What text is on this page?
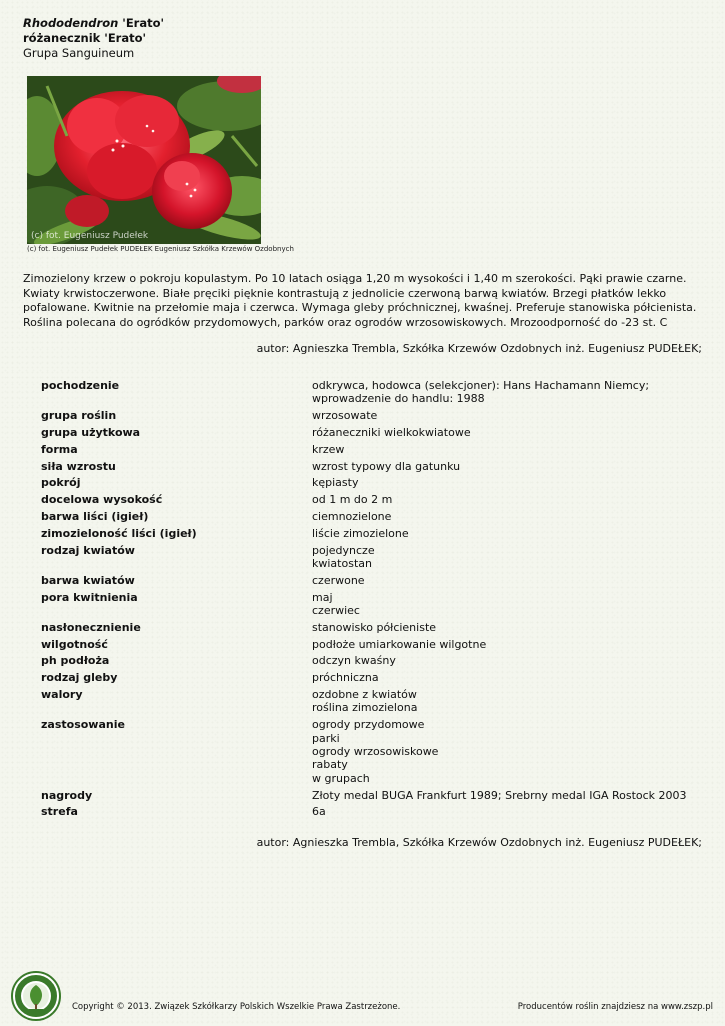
Rhododendron 'Erato'
różanecznik 'Erato'
Grupa Sanguineum
(c) fot. Eugeniusz Pudełek
(c) fot. Eugeniusz Pudełek PUDEŁEK Eugeniusz Szkółka Krzewów Ozdobnych
Zimozielony krzew o pokroju kopulastym. Po 10 latach osiąga 1,20 m wysokości i 1,40 m szerokości. Pąki prawie czarne. Kwiaty krwistoczerwone. Białe pręciki pięknie kontrastują z jednolicie czerwoną barwą kwiatów. Brzegi płatków lekko pofalowane. Kwitnie na przełomie maja i czerwca. Wymaga gleby próchnicznej, kwaśnej. Preferuje stanowiska półcienista. Roślina polecana do ogródków przydomowych, parków oraz ogrodów wrzosowiskowych. Mrozoodporność do -23 st. C
autor: Agnieszka Trembla, Szkółka Krzewów Ozdobnych inż. Eugeniusz PUDEŁEK;
pochodzenie	odkrywca, hodowca (selekcjoner): Hans Hachamann Niemcy; wprowadzenie do handlu: 1988
grupa roślin	wrzosowate
grupa użytkowa	różaneczniki wielkokwiatowe
forma	krzew
siła wzrostu	wzrost typowy dla gatunku
pokrój	kępiasty
docelowa wysokość	od 1 m do 2 m
barwa liści (igieł)	ciemnozielone
zimozieloność liści (igieł)	liście zimozielone
rodzaj kwiatów	pojedyncze
kwiatostan
barwa kwiatów	czerwone
pora kwitnienia	maj
czerwiec
nasłonecznienie	stanowisko półcieniste
wilgotność	podłoże umiarkowanie wilgotne
ph podłoża	odczyn kwaśny
rodzaj gleby	próchniczna
walory	ozdobne z kwiatów
roślina zimozielona
zastosowanie	ogrody przydomowe
parki
ogrody wrzosowiskowe
rabaty
w grupach
nagrody	Złoty medal BUGA Frankfurt 1989; Srebrny medal IGA Rostock 2003
strefa	6a
autor: Agnieszka Trembla, Szkółka Krzewów Ozdobnych inż. Eugeniusz PUDEŁEK;
Copyright © 2013. Związek Szkółkarzy Polskich Wszelkie Prawa Zastrzeżone.	Producentów roślin znajdziesz na www.zszp.pl
